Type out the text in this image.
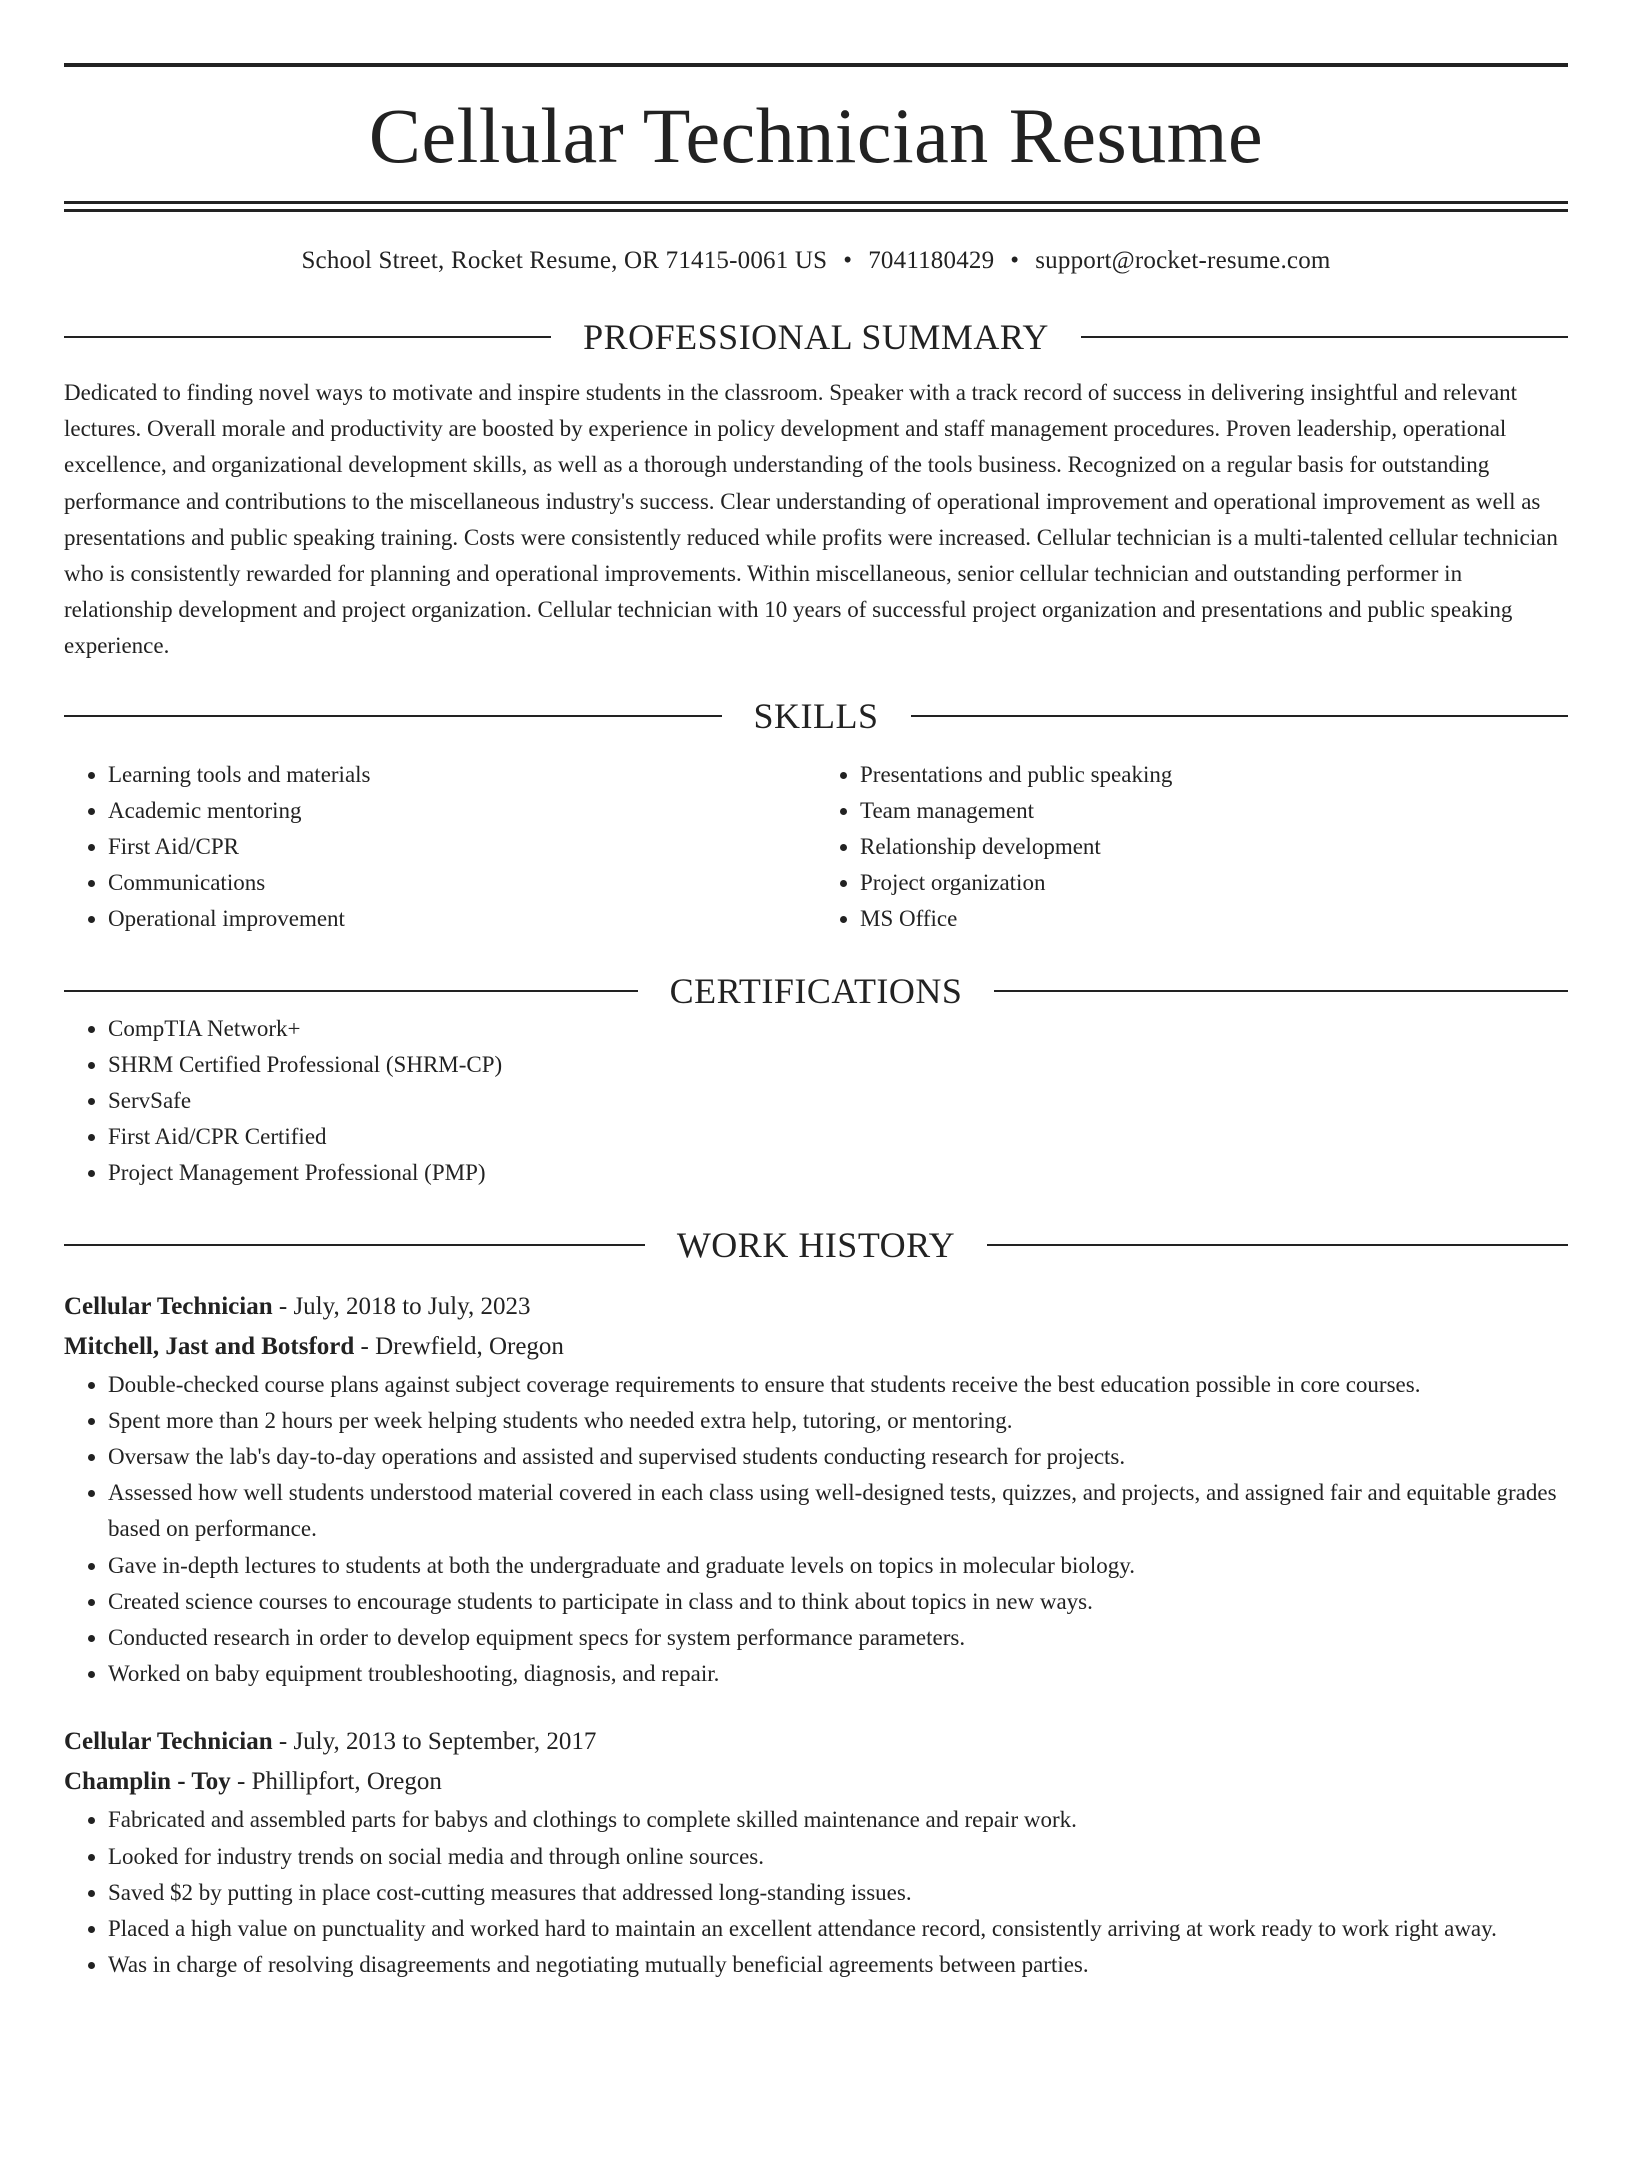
Cellular Technician Resume
School Street, Rocket Resume, OR 71415-0061 US • 7041180429 • support@rocket-resume.com
PROFESSIONAL SUMMARY

Dedicated to finding novel ways to motivate and inspire students in the classroom. Speaker with a track record of success in delivering insightful and relevant lectures. Overall morale and productivity are boosted by experience in policy development and staff management procedures. Proven leadership, operational excellence, and organizational development skills, as well as a thorough understanding of the tools business. Recognized on a regular basis for outstanding performance and contributions to the miscellaneous industry's success. Clear understanding of operational improvement and operational improvement as well as presentations and public speaking training. Costs were consistently reduced while profits were increased. Cellular technician is a multi-talented cellular technician who is consistently rewarded for planning and operational improvements. Within miscellaneous, senior cellular technician and outstanding performer in relationship development and project organization. Cellular technician with 10 years of successful project organization and presentations and public speaking experience.

SKILLS
• Learning tools and materials
• Academic mentoring
• First Aid/CPR
• Communications
• Operational improvement
• Presentations and public speaking
• Team management
• Relationship development
• Project organization
• MS Office
CERTIFICATIONS
• CompTIA Network+
• SHRM Certified Professional (SHRM-CP)
• ServSafe
• First Aid/CPR Certified
• Project Management Professional (PMP)
WORK HISTORY
Cellular Technician - July, 2018 to July, 2023
Mitchell, Jast and Botsford - Drewfield, Oregon
• Double-checked course plans against subject coverage requirements to ensure that students receive the best education possible in core courses.
• Spent more than 2 hours per week helping students who needed extra help, tutoring, or mentoring.
• Oversaw the lab's day-to-day operations and assisted and supervised students conducting research for projects.
• Assessed how well students understood material covered in each class using well-designed tests, quizzes, and projects, and assigned fair and equitable grades based on performance.
• Gave in-depth lectures to students at both the undergraduate and graduate levels on topics in molecular biology.
• Created science courses to encourage students to participate in class and to think about topics in new ways.
• Conducted research in order to develop equipment specs for system performance parameters.
• Worked on baby equipment troubleshooting, diagnosis, and repair.
Cellular Technician - July, 2013 to September, 2017
Champlin - Toy - Phillipfort, Oregon
• Fabricated and assembled parts for babys and clothings to complete skilled maintenance and repair work.
• Looked for industry trends on social media and through online sources.
• Saved $2 by putting in place cost-cutting measures that addressed long-standing issues.
• Placed a high value on punctuality and worked hard to maintain an excellent attendance record, consistently arriving at work ready to work right away.
• Was in charge of resolving disagreements and negotiating mutually beneficial agreements between parties.
